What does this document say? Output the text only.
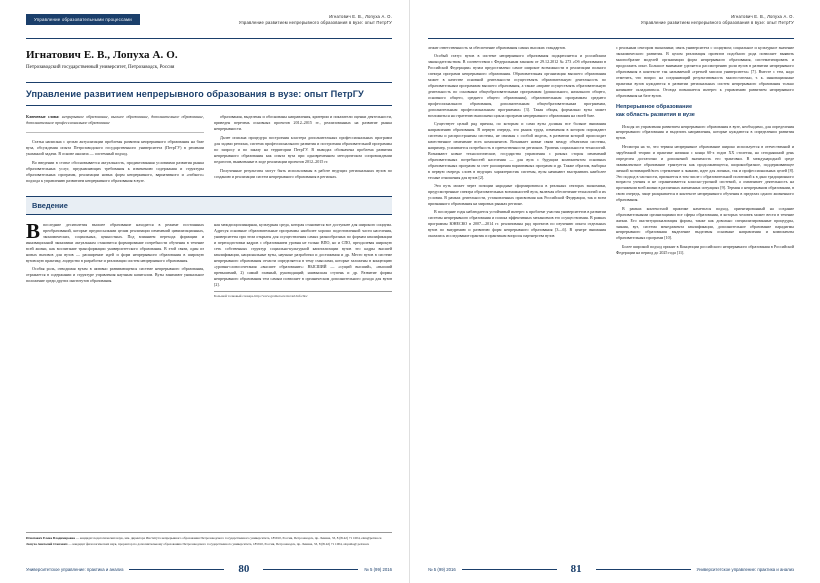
Управление образовательными процессами
Игнатович Е. В., Лопуха А. О.
Управление развитием непрерывного образования в вузе: опыт ПетрГУ
Игнатович Е. В., Лопуха А. О.
Петрозаводский государственный университет, Петрозаводск, Россия
Управление развитием непрерывного образования в вузе: опыт ПетрГУ
Ключевые слова: непрерывное образование, высшее образование, дополнительное образование, дополнительное профессиональное образование

Статья написана с целью актуализации проблемы развития непрерывного образования на базе вуза, обсуждения опыта Петрозаводского государственного университета (ПетрГУ) в решении указанной задачи. В основе анализа — системный подход.

Во введении в статье обосновывается актуальность, продиктованная условиями развития рынка образовательных услуг, предъявляющих требования к изменению содержания и структуры образовательных программ, реализации новых форм непрерывного, вариативного и «гибкого» подхода к управлению развитием непрерывного образования в вузе.

образования, выделены и обоснованы направления, критерии и показатели оценки деятельности, приведен перечень основных проектов 2012–2015 гг., реализованных на развитие рынка непрерывности.

Далее описана процедура построения кластера дополнительных профессиональных программ для задачи региона, система профессионального развития и построения образовательной программы по запросу и по заказу на территории ПетрГУ. В выводах обозначена проблема развития непрерывного образования как опыта вуза при одновременном методическом сопровождении педагогов, выявленные в ходе реализации проектов 2012–2015 гг.

Полученные результаты могут быть использованы в работе ведущих региональных вузов по созданию и реализации систем непрерывного образования в регионах.

Введение

Впоследние десятилетия высшее образование находится в режиме постоянных преобразований, которые предпосылками целям реализации изменений цивилизационных, экономических, социальных, ценностных. Под влиянием перехода формации и инновационной экономики актуальным становится формирование потребности обучения в течение всей жизни, как воспитание трансформации университетского образования. В этой связи, один из новых вызовов для вузов — расширение идей и форм непрерывного образования в широкую вузовскую практику, лидерство в разработке и реализации систем непрерывного образования.

Особая роль, отводимая вузам в активно развивающемся системе непрерывного образования, отражается в содержании и структуре управления научным капиталом. Вузы занимают уникальное положение среди других институтов образования.

ная междисциплинарная, культурная среда, которая становится все доступнее для широкого социума. Адресуя основные образовательные программы наиболее хорошо подготовленной части населения, университеты при этом открыты для осуществления самых разнообразных по формам квалификации и переподготовки кадров с образованием уровня не только ВПО, но и СПО, преодолевая широкую сеть собственных структур социально-культурной капитализации вузов это кадры высшей квалификации, национальные вузы, научные разработки и достижения и др. Место вузов в системе непрерывного образования отчасти определяется в тему смыслами, которые заложены в концепцию «уровня-словосочетания «высшее образование»: ВЫСШИЙ — «сущий высший», «высший превышений, 2) самый главный, руководящий; наивысшая ступень и др. Развитие формы непрерывного образования тем самым позволяет в органическом дополнительного дохода для вузов [2].

Большой толковый словарь http://www.gramota.ru/slovari/info/bts/

Игнатович Елена Владимировна — кандидат педагогических наук, зам. директора Института непрерывного образования Петрозаводского государственного университета, 185910, Россия, Петрозаводск, пр. Ленина, 33, 8 (8142) 71 1004, elen@petrsu.ru

Лопуха Анатолий Олегович — кандидат филологических наук, проректор по дополнительному образованию Петрозаводского государственного университета, 185910, Россия, Петрозаводск, пр. Ленина, 33, 8 (8142) 71 1004, alopuha@ petrsu.ru

Университетское управление: практика и анализ	80	№ 5 (99) 2016
Игнатович Е. В., Лопуха А. О.
Управление развитием непрерывного образования в вузе: опыт ПетрГУ

лежит ответственность за обеспечение образования самых высоких стандартов.

Особый статус вузов в системе непрерывного образования подкрепляется и российским законодательством. В соответствии с Федеральным законом от 29.12.2012 № 273 «Об образовании в Российской Федерации» вузам предоставлено самое широкое возможности в реализации полного спектра программ непрерывного образования. Образовательная организация высшего образования может в качестве основной деятельности осуществлять образовательную деятельность по образовательным программам высшего образования, а также «вправе осуществлять образовательную деятельность по основным общеобразовательным программам (дошкольного, начального общего, основного общего, среднего общего образования), образовательным программам среднего профессионального образования, дополнительным общеобразовательным программам, дополнительным профессиональным программам» [3]. Такая общая, формально вузы может возложиться на стратегию выполнено цикла программ непрерывного образования на своей базе.

Существует целый ряд причин, по которым и сами вузы должны все больше внимания направлению образования. В первую очередь, это рынок труда, изменения в котором порождают системы и распространены системы, не связаны с особой модель, в развитии которой происходит качественное изменение всех компонентов. Возникает новые связи между объектами системы, например, усиливается потребность в преемственности регионов. Уровень социальности технологий. Возникают новые технологические, государства управления с разных сторон изменений образовательных потребностей населения — для вуза с будущим контингентом основных образовательных программ за счет расширения вариативных программ и др. Также образом, выборка в первую очередь слоев в ведущих характеристик системы, вузы начинают выстраивать наиболее тесные отношения для вузов [2].

Эти путь может через позиции народные сформироваться в реальных секторах экономики, предусмотренные спектра образовательных возможностей вуза, включая обеспечение технологий и их условия. В рамках деятельности, установленных присвоения как Российской Федерации, так и всем признанного образования на мировых рынках регионе.

В последние годы наблюдается устойчивый интерес к проблеме участия университетов в развитии системы непрерывного образования и поиска эффективных механизмов его осуществления. В рамках программы ЮНЕСКО в 2007—2014 гг. реализованы ряд проектов по изучению опыта отдельных вузов по внедрению и развитию форм непрерывного образования [3—6]. В центре внимания оказались исследование практик и практикам вопросы партнерства вузов

с реальным сектором экономики; связь университета с социумом; социальное и культурное значение экономического развития. В целом реализация проектов подобного рода позволяет выявить многообразие моделей организации форм непрерывного образования, систематизировать и продолжить опыт. Большое внимание уделяется рассмотрению роли вузов в развитии непрерывного образования в контексте так называемой «третьей миссии университета» [7]. Вместе с тем, надо отметить, что вопрос на соединяющий результативность многостаточно, т. к. инновационные практики вузов нуждаются в развитии региональных систем непрерывного образования только начинают складываться. Отсюда повышается интерес к управлению развитием непрерывного образования на базе вузов.

Непрерывное образование
как область развития в вузе

Исходя из управления развитием непрерывного образования в вузе, необходимо, для определения непрерывного образования и выделить направления, которые нуждаются в определении развития вузов.

Несмотря на то, что термин непрерывное образование широко используется в отечественной и зарубежной теории и практике начиная с конца 60-х годов XX столетия, на сегодняшний день определен достаточно и дополнений значимость его трактовки. В международной среде эквивалентное образование трактуется как продолжающееся, широкообразное, поддерживающее личной мотивацией/всех стремление к знанию, идее для личных, так и профессиональных целей [8]. Это подход в частности, признается в том числе с образовательной политикой к в дано традиционного возраста учения и не ограничивается классно-урочной системой, а охватывает деятельность на протяжении всей жизни в различных жизненных ситуациях [9]. Термин о непрерывном образовании, в свою очередь, чаще раскрывается в контексте непрерывного обучения в пределах одного жизненного образования.

В рамках контекстной практике наметился подход, ориентированный на создание образовательными организациями все сферы образования, в которых человек может вести в течение жизни. Его институционализация формы, также как довольно специализированные процедуры, знания, вуз, система менеджмента квалификации, дополнительное образование парадигмы непрерывного образования выделение выделены основные направления и компоненты образовательных программ [10].

Более широкий подход принят в Концепции российского непрерывного образования в Российской Федерации на период до 2025 года [11].

№ 5 (99) 2016	81	Университетское управление: практика и анализ
